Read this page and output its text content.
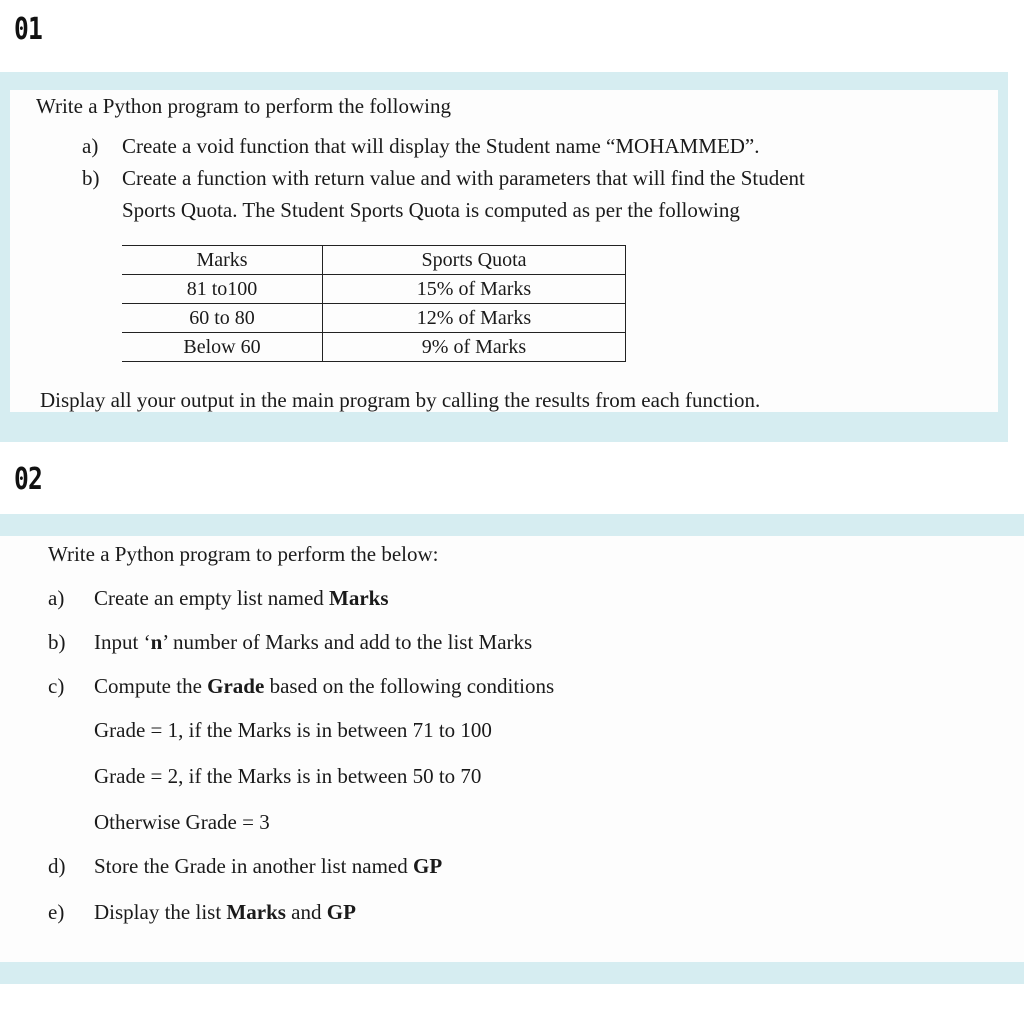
01
Write a Python program to perform the following
a) Create a void function that will display the Student name “MOHAMMED”.
b) Create a function with return value and with parameters that will find the Student
Sports Quota. The Student Sports Quota is computed as per the following
Marks	Sports Quota
81 to100	15% of Marks
60 to 80	12% of Marks
Below 60	9% of Marks
Display all your output in the main program by calling the results from each function.
02
Write a Python program to perform the below:
a) Create an empty list named Marks
b) Input ‘n’ number of Marks and add to the list Marks
c) Compute the Grade based on the following conditions
Grade = 1, if the Marks is in between 71 to 100
Grade = 2, if the Marks is in between 50 to 70
Otherwise Grade = 3
d) Store the Grade in another list named GP
e) Display the list Marks and GP
